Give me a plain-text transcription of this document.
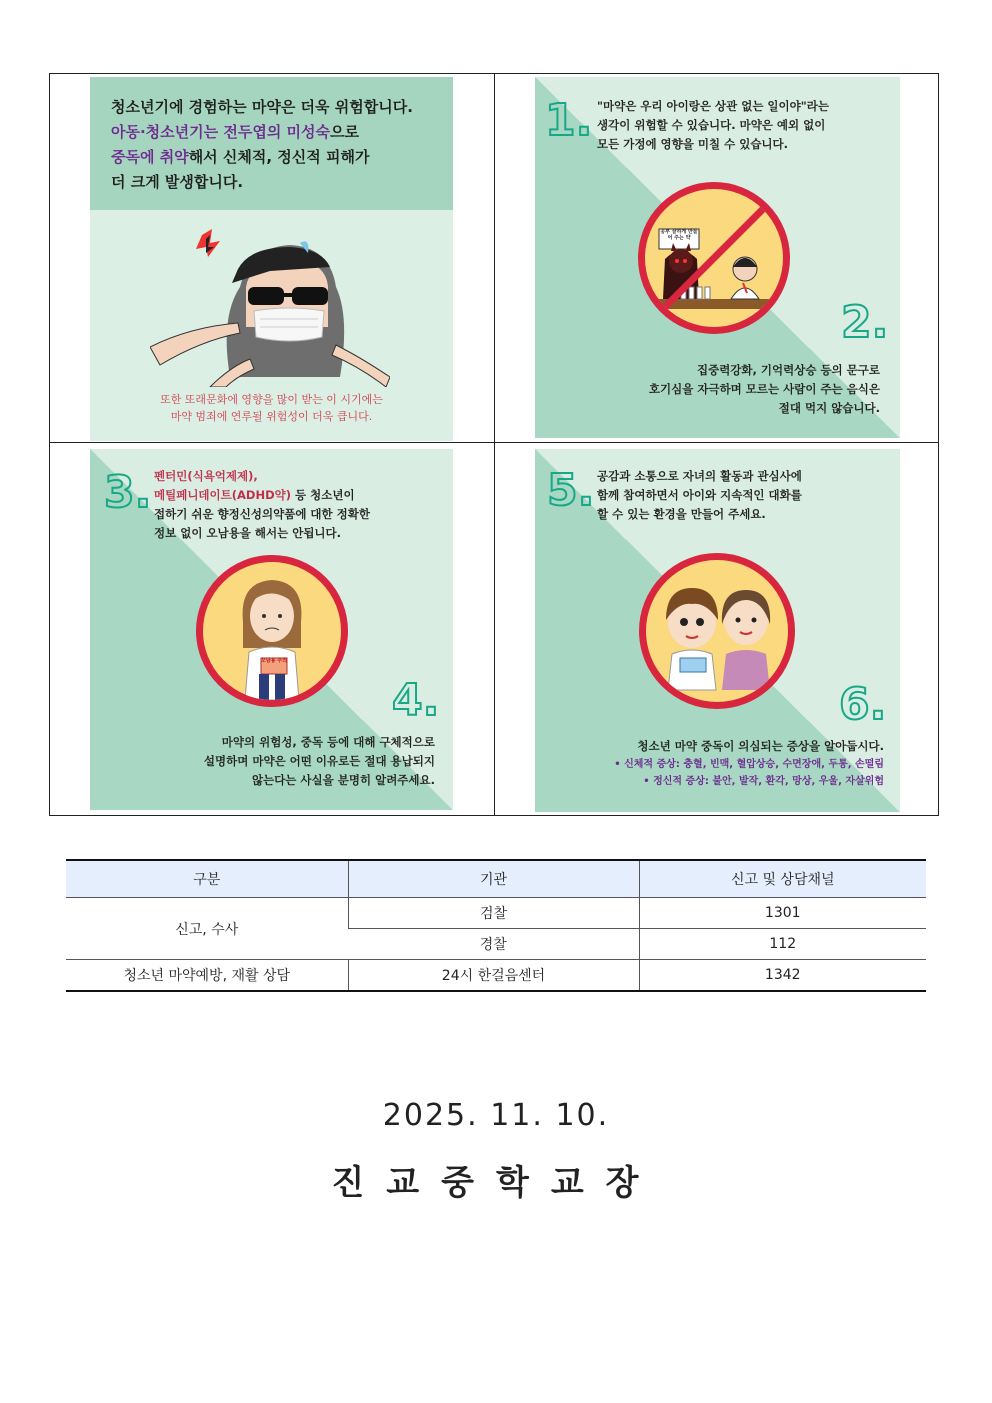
청소년기에 경험하는 마약은 더욱 위험합니다.
아동·청소년기는 전두엽의 미성숙으로
중독에 취약해서 신체적, 정신적 피해가
더 크게 발생합니다.
또한 또래문화에 영향을 많이 받는 이 시기에는
마약 범죄에 연루될 위험성이 더욱 큽니다.
1. "마약은 우리 아이랑은 상관 없는 일이야"라는
생각이 위험할 수 있습니다. 마약은 예외 없이
모든 가정에 영향을 미칠 수 있습니다.
공부 잘하게 만들어 주는 약
2.
집중력강화, 기억력상승 등의 문구로
호기심을 자극하며 모르는 사람이 주는 음식은
절대 먹지 않습니다.
3. 펜터민(식욕억제제),
메틸페니데이트(ADHD약) 등 청소년이
접하기 쉬운 향정신성의약품에 대한 정확한
정보 없이 오남용을 해서는 안됩니다.
오남용 주의
4.
마약의 위험성, 중독 등에 대해 구체적으로
설명하며 마약은 어떤 이유로든 절대 용납되지
않는다는 사실을 분명히 알려주세요.
5. 공감과 소통으로 자녀의 활동과 관심사에
함께 참여하면서 아이와 지속적인 대화를
할 수 있는 환경을 만들어 주세요.
6.
청소년 마약 중독이 의심되는 증상을 알아둡시다.
• 신체적 증상: 충혈, 빈맥, 혈압상승, 수면장애, 두통, 손떨림
• 정신적 증상: 불안, 발작, 환각, 망상, 우울, 자살위험
구분	기관	신고 및 상담채널
신고, 수사	검찰	1301
	경찰	112
청소년 마약예방, 재활 상담	24시 한걸음센터	1342
2025. 11. 10.
진교중학교장
